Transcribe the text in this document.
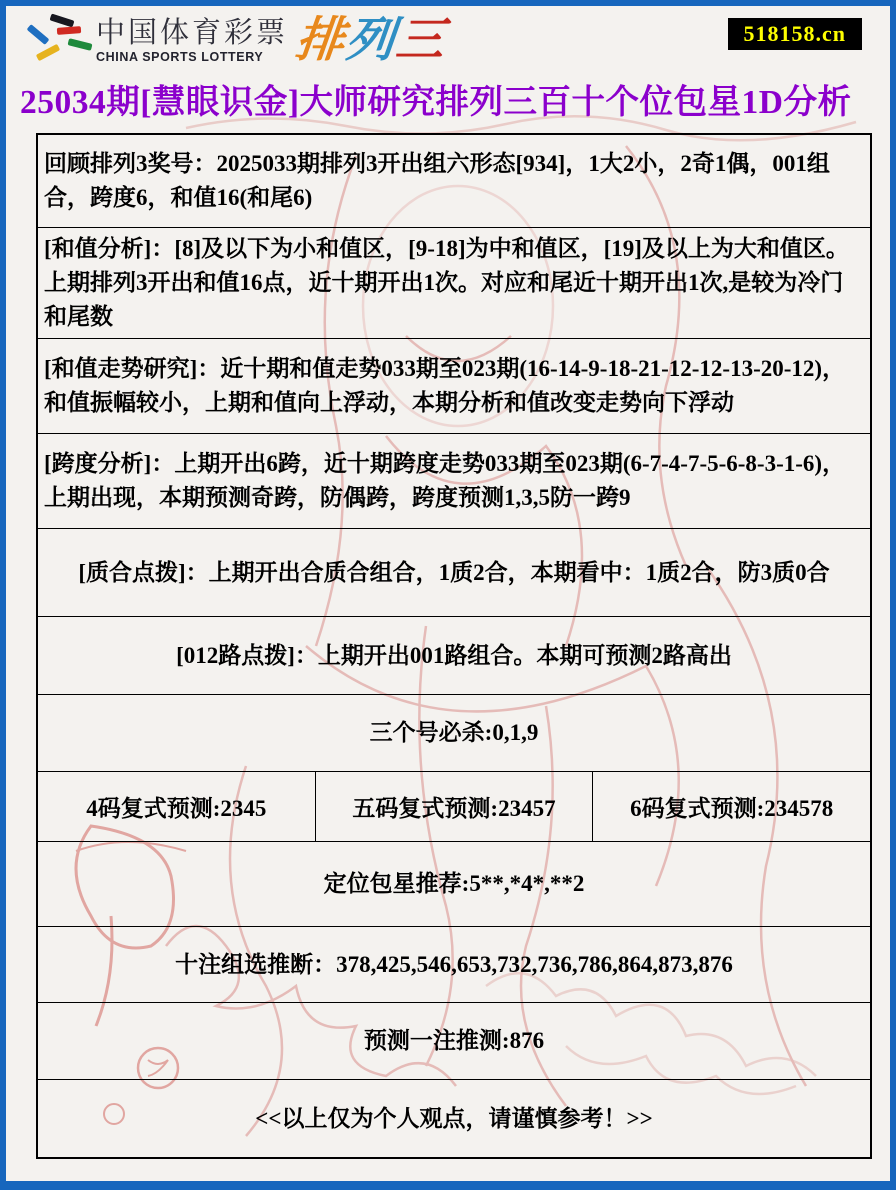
中国体育彩票
CHINA SPORTS LOTTERY 排列三	518158.cn
25034期[慧眼识金]大师研究排列三百十个位包星1D分析
回顾排列3奖号：2025033期排列3开出组六形态[934]，1大2小，2奇1偶，001组合，跨度6，和值16(和尾6)
[和值分析]：[8]及以下为小和值区，[9-18]为中和值区，[19]及以上为大和值区。上期排列3开出和值16点，近十期开出1次。对应和尾近十期开出1次,是较为冷门和尾数
[和值走势研究]：近十期和值走势033期至023期(16-14-9-18-21-12-12-13-20-12)，和值振幅较小，上期和值向上浮动，本期分析和值改变走势向下浮动
[跨度分析]：上期开出6跨，近十期跨度走势033期至023期(6-7-4-7-5-6-8-3-1-6)，上期出现，本期预测奇跨，防偶跨，跨度预测1,3,5防一跨9
[质合点拨]：上期开出合质合组合，1质2合，本期看中：1质2合，防3质0合
[012路点拨]：上期开出001路组合。本期可预测2路高出
三个号必杀:0,1,9
4码复式预测:2345	五码复式预测:23457	6码复式预测:234578
定位包星推荐:5**,*4*,**2
十注组选推断：378,425,546,653,732,736,786,864,873,876
预测一注推测:876
<<以上仅为个人观点，请谨慎参考！>>
